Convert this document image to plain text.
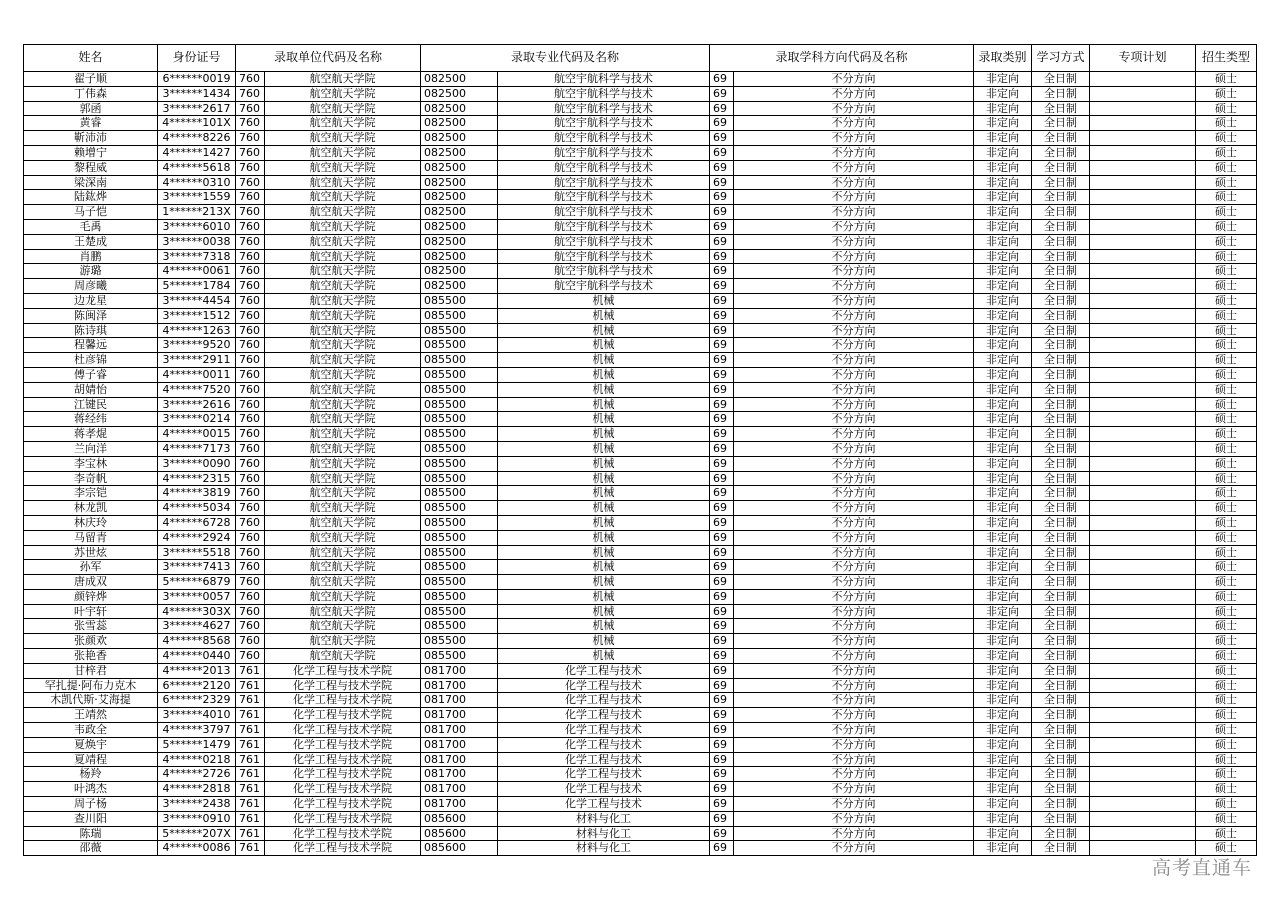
姓名	身份证号	录取单位代码及名称		录取专业代码及名称		录取学科方向代码及名称		录取类别	学习方式	专项计划	招生类型
翟子顺	6******0019	760	航空航天学院	082500	航空宇航科学与技术	69	不分方向	非定向	全日制		硕士
丁伟森	3******1434	760	航空航天学院	082500	航空宇航科学与技术	69	不分方向	非定向	全日制		硕士
郭函	3******2617	760	航空航天学院	082500	航空宇航科学与技术	69	不分方向	非定向	全日制		硕士
黄睿	4******101X	760	航空航天学院	082500	航空宇航科学与技术	69	不分方向	非定向	全日制		硕士
靳沛沛	4******8226	760	航空航天学院	082500	航空宇航科学与技术	69	不分方向	非定向	全日制		硕士
赖增宁	4******1427	760	航空航天学院	082500	航空宇航科学与技术	69	不分方向	非定向	全日制		硕士
黎程威	4******5618	760	航空航天学院	082500	航空宇航科学与技术	69	不分方向	非定向	全日制		硕士
梁深南	4******0310	760	航空航天学院	082500	航空宇航科学与技术	69	不分方向	非定向	全日制		硕士
陆鈜烨	3******1559	760	航空航天学院	082500	航空宇航科学与技术	69	不分方向	非定向	全日制		硕士
马子恺	1******213X	760	航空航天学院	082500	航空宇航科学与技术	69	不分方向	非定向	全日制		硕士
毛禹	3******6010	760	航空航天学院	082500	航空宇航科学与技术	69	不分方向	非定向	全日制		硕士
王楚成	3******0038	760	航空航天学院	082500	航空宇航科学与技术	69	不分方向	非定向	全日制		硕士
肖鹏	3******7318	760	航空航天学院	082500	航空宇航科学与技术	69	不分方向	非定向	全日制		硕士
游璐	4******0061	760	航空航天学院	082500	航空宇航科学与技术	69	不分方向	非定向	全日制		硕士
周彦曦	5******1784	760	航空航天学院	082500	航空宇航科学与技术	69	不分方向	非定向	全日制		硕士
边龙星	3******4454	760	航空航天学院	085500	机械	69	不分方向	非定向	全日制		硕士
陈闽泽	3******1512	760	航空航天学院	085500	机械	69	不分方向	非定向	全日制		硕士
陈诗琪	4******1263	760	航空航天学院	085500	机械	69	不分方向	非定向	全日制		硕士
程馨远	3******9520	760	航空航天学院	085500	机械	69	不分方向	非定向	全日制		硕士
杜彦锦	3******2911	760	航空航天学院	085500	机械	69	不分方向	非定向	全日制		硕士
傅子睿	4******0011	760	航空航天学院	085500	机械	69	不分方向	非定向	全日制		硕士
胡婧怡	4******7520	760	航空航天学院	085500	机械	69	不分方向	非定向	全日制		硕士
江键民	3******2616	760	航空航天学院	085500	机械	69	不分方向	非定向	全日制		硕士
蒋经纬	3******0214	760	航空航天学院	085500	机械	69	不分方向	非定向	全日制		硕士
蒋孝焜	4******0015	760	航空航天学院	085500	机械	69	不分方向	非定向	全日制		硕士
兰向洋	4******7173	760	航空航天学院	085500	机械	69	不分方向	非定向	全日制		硕士
李宝林	3******0090	760	航空航天学院	085500	机械	69	不分方向	非定向	全日制		硕士
李奇帆	4******2315	760	航空航天学院	085500	机械	69	不分方向	非定向	全日制		硕士
李宗铠	4******3819	760	航空航天学院	085500	机械	69	不分方向	非定向	全日制		硕士
林龙凯	4******5034	760	航空航天学院	085500	机械	69	不分方向	非定向	全日制		硕士
林庆玲	4******6728	760	航空航天学院	085500	机械	69	不分方向	非定向	全日制		硕士
马留青	4******2924	760	航空航天学院	085500	机械	69	不分方向	非定向	全日制		硕士
苏世炫	3******5518	760	航空航天学院	085500	机械	69	不分方向	非定向	全日制		硕士
孙军	3******7413	760	航空航天学院	085500	机械	69	不分方向	非定向	全日制		硕士
唐成双	5******6879	760	航空航天学院	085500	机械	69	不分方向	非定向	全日制		硕士
颜锌烨	3******0057	760	航空航天学院	085500	机械	69	不分方向	非定向	全日制		硕士
叶宇轩	4******303X	760	航空航天学院	085500	机械	69	不分方向	非定向	全日制		硕士
张雪蕊	3******4627	760	航空航天学院	085500	机械	69	不分方向	非定向	全日制		硕士
张颜欢	4******8568	760	航空航天学院	085500	机械	69	不分方向	非定向	全日制		硕士
张艳香	4******0440	760	航空航天学院	085500	机械	69	不分方向	非定向	全日制		硕士
甘梓君	4******2013	761	化学工程与技术学院	081700	化学工程与技术	69	不分方向	非定向	全日制		硕士
罕扎提·阿布力克木	6******2120	761	化学工程与技术学院	081700	化学工程与技术	69	不分方向	非定向	全日制		硕士
木凯代斯·艾海提	6******2329	761	化学工程与技术学院	081700	化学工程与技术	69	不分方向	非定向	全日制		硕士
王靖然	3******4010	761	化学工程与技术学院	081700	化学工程与技术	69	不分方向	非定向	全日制		硕士
韦政全	4******3797	761	化学工程与技术学院	081700	化学工程与技术	69	不分方向	非定向	全日制		硕士
夏焕宇	5******1479	761	化学工程与技术学院	081700	化学工程与技术	69	不分方向	非定向	全日制		硕士
夏靖程	4******0218	761	化学工程与技术学院	081700	化学工程与技术	69	不分方向	非定向	全日制		硕士
杨羚	4******2726	761	化学工程与技术学院	081700	化学工程与技术	69	不分方向	非定向	全日制		硕士
叶鸿杰	4******2818	761	化学工程与技术学院	081700	化学工程与技术	69	不分方向	非定向	全日制		硕士
周子杨	3******2438	761	化学工程与技术学院	081700	化学工程与技术	69	不分方向	非定向	全日制		硕士
查川阳	3******0910	761	化学工程与技术学院	085600	材料与化工	69	不分方向	非定向	全日制		硕士
陈瑞	5******207X	761	化学工程与技术学院	085600	材料与化工	69	不分方向	非定向	全日制		硕士
邵薇	4******0086	761	化学工程与技术学院	085600	材料与化工	69	不分方向	非定向	全日制		硕士
高考直通车
